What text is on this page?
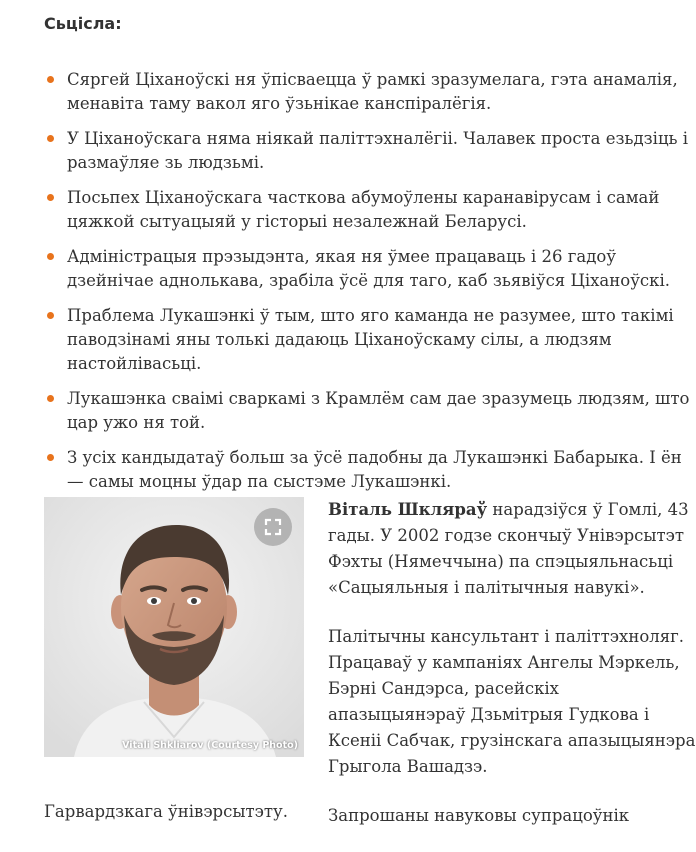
Сьцісла:
Сяргей Ціханоўскі ня ўпісваецца ў рамкі зразумелага, гэта анамалія, менавіта таму вакол яго ўзьнікае канспіралёгія.
У Ціханоўскага няма ніякай паліттэхналёгіі. Чалавек проста езьдзіць і размаўляе зь людзьмі.
Посьпех Ціханоўскага часткова абумоўлены каранавірусам і самай цяжкой сытуацыяй у гісторыі незалежнай Беларусі.
Адміністрацыя прэзыдэнта, якая ня ўмее працаваць і 26 гадоў дзейнічае аднолькава, зрабіла ўсё для таго, каб зьявіўся Ціханоўскі.
Праблема Лукашэнкі ў тым, што яго каманда не разумее, што такімі паводзінамі яны толькі дадаюць Ціханоўскаму сілы, а людзям настойлівасьці.
Лукашэнка сваімі сваркамі з Крамлём сам дае зразумець людзям, што цар ужо ня той.
З усіх кандыдатаў больш за ўсё падобны да Лукашэнкі Бабарыка. І ён — самы моцны ўдар па сыстэме Лукашэнкі.
Vitali Shkliarov (Courtesy Photo)

Віталь Шкляраў нарадзіўся ў Гомлі, 43 гады. У 2002 годзе скончыў Унівэрсытэт Фэхты (Нямеччына) па спэцыяльнасьці «Сацыяльныя і палітычныя навукі».

Палітычны кансультант і паліттэхноляг. Працаваў у кампаніях Ангелы Мэркель, Бэрні Сандэрса, расейскіх апазыцыянэраў Дзьмітрыя Гудкова і Ксеніі Сабчак, грузінскага апазыцыянэра Грыгола Вашадзэ.

Запрошаны навуковы супрацоўнік

Гарвардзкага ўнівэрсытэту.
